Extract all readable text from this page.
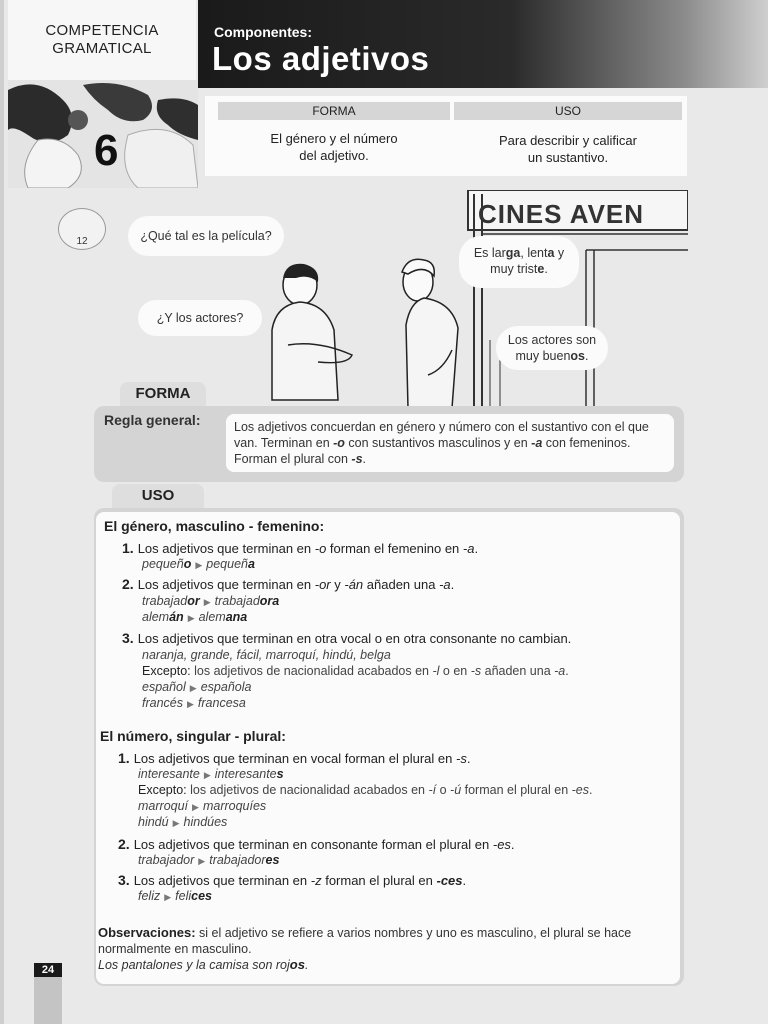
COMPETENCIA
GRAMATICAL
Componentes:
Los adjetivos
6
FORMA	USO
El género y el número
del adjetivo.
Para describir y calificar
un sustantivo.
12
CINES AVEN
¿Qué tal es la película?
Es larga, lenta y
muy triste.
¿Y los actores?
Los actores son
muy buenos.
FORMA
Regla general:	Los adjetivos concuerdan en género y número con el sustantivo con el que
van. Terminan en -o con sustantivos masculinos y en -a con femeninos.
Forman el plural con -s.
USO
El género, masculino - femenino:
1. Los adjetivos que terminan en -o forman el femenino en -a.
pequeño ▶ pequeña
2. Los adjetivos que terminan en -or y -án añaden una -a.
trabajador ▶ trabajadora
alemán ▶ alemana
3. Los adjetivos que terminan en otra vocal o en otra consonante no cambian.
naranja, grande, fácil, marroquí, hindú, belga
Excepto: los adjetivos de nacionalidad acabados en -l o en -s añaden una -a.
español ▶ española
francés ▶ francesa
El número, singular - plural:
1. Los adjetivos que terminan en vocal forman el plural en -s.
interesante ▶ interesantes
Excepto: los adjetivos de nacionalidad acabados en -í o -ú forman el plural en -es.
marroquí ▶ marroquíes
hindú ▶ hindúes
2. Los adjetivos que terminan en consonante forman el plural en -es.
trabajador ▶ trabajadores
3. Los adjetivos que terminan en -z forman el plural en -ces.
feliz ▶ felices
Observaciones: si el adjetivo se refiere a varios nombres y uno es masculino, el plural se hace
normalmente en masculino.
Los pantalones y la camisa son rojos.
24
